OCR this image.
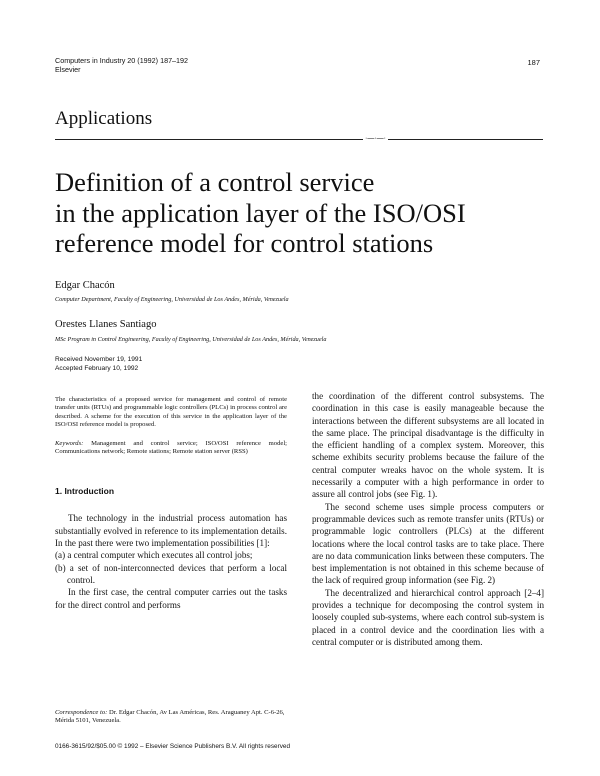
Computers in Industry 20 (1992) 187–192
Elsevier
187
Applications
·—·—·
Definition of a control service
in the application layer of the ISO/OSI
reference model for control stations
Edgar Chacón
Computer Department, Faculty of Engineering, Universidad de Los Andes, Mérida, Venezuela
Orestes Llanes Santiago
MSc Program in Control Engineering, Faculty of Engineering, Universidad de Los Andes, Mérida, Venezuela
Received November 19, 1991
Accepted February 10, 1992

The characteristics of a proposed service for management and control of remote transfer units (RTUs) and programmable logic controllers (PLCs) in process control are described. A scheme for the execution of this service in the application layer of the ISO/OSI reference model is proposed.

Keywords: Management and control service; ISO/OSI reference model; Communications network; Remote stations; Remote station server (RSS)

1. Introduction

The technology in the industrial process automation has substantially evolved in reference to its implementation details. In the past there were two implementation possibilities [1]:

(a) a central computer which executes all control jobs;

(b) a set of non-interconnected devices that perform a local control.

In the first case, the central computer carries out the tasks for the direct control and performs

the coordination of the different control subsystems. The coordination in this case is easily manageable because the interactions between the different subsystems are all located in the same place. The principal disadvantage is the difficulty in the efficient handling of a complex system. Moreover, this scheme exhibits security problems because the failure of the central computer wreaks havoc on the whole system. It is necessarily a computer with a high performance in order to assure all control jobs (see Fig. 1).

The second scheme uses simple process computers or programmable devices such as remote transfer units (RTUs) or programmable logic controllers (PLCs) at the different locations where the local control tasks are to take place. There are no data communication links between these computers. The best implementation is not obtained in this scheme because of the lack of required group information (see Fig. 2)

The decentralized and hierarchical control approach [2–4] provides a technique for decomposing the control system in loosely coupled sub-systems, where each control sub-system is placed in a control device and the coordination lies with a central computer or is distributed among them.

Correspondence to: Dr. Edgar Chacón, Av Las Américas, Res. Araguaney Apt. C-6-26, Mérida 5101, Venezuela.
0166-3615/92/$05.00 © 1992 – Elsevier Science Publishers B.V. All rights reserved
